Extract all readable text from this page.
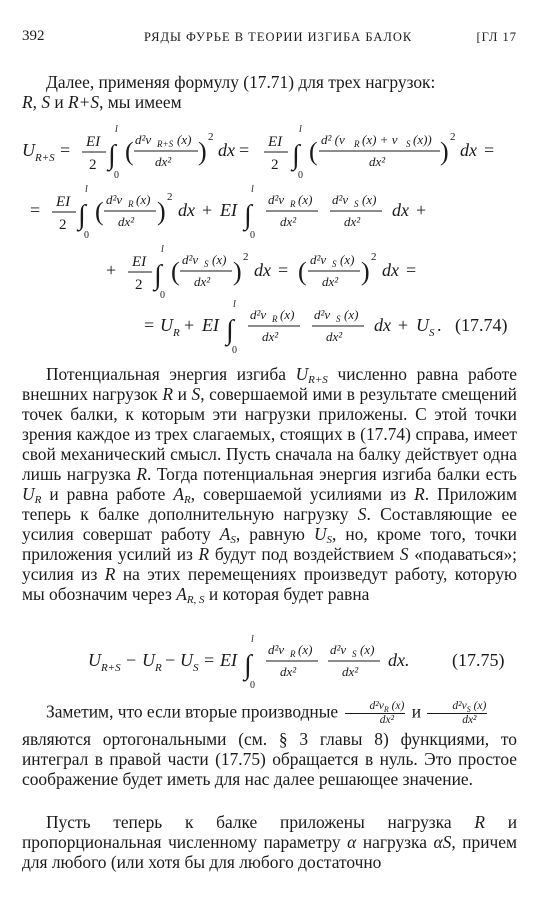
392	РЯДЫ ФУРЬЕ В ТЕОРИИ ИЗГИБА БАЛОК	[ГЛ 17
Далее, применяя формулу (17.71) для трех нагрузок:

R, S и R+S, мы имеем
U R+S = EI
2
l
∫
0
( d²v R+S (x)
dx² ) 2
dx = EI
2
l
∫
0
( d² (v R (x) + v S (x))
dx² ) 2
dx =
= EI
2
l
∫
0
( d²v R (x)
dx² ) 2
dx + EI
l
∫
0
d²v R (x)
dx²
d²v S (x)
dx²
dx +
+ EI
2
l
∫
0
( d²v S (x)
dx² ) 2
dx = ( d²v S (x)
dx² ) 2
dx =
= U R + EI
l
∫
0
d²v R (x)
dx²
d²v S (x)
dx²
dx + U S . (17.74)
Потенциальная энергия изгиба $U_{R+S}$ численно равна работе внешних нагрузок R и S, совершаемой ими в результате смещений точек балки, к которым эти нагрузки приложены. С этой точки зрения каждое из трех слагаемых, стоящих в (17.74) справа, имеет свой механический смысл. Пусть сначала на балку действует одна лишь нагрузка R. Тогда потенциальная энергия изгиба балки есть $U_R$ и равна работе $A_R$, совершаемой усилиями из R. Приложим теперь к балке дополнительную нагрузку S. Составляющие ее усилия совершат работу $A_S$, равную $U_S$, но, кроме того, точки приложения усилий из R будут под воздействием S «подаваться»; усилия из R на этих перемещениях произведут работу, которую мы обозначим через $A_{R, S}$ и которая будет равна
U R+S − U R − U S = EI
l
∫
0
d²v R (x)
dx²
d²v S (x)
dx²
dx. (17.75)
Заметим, что если вторые производные $\frac{d^2v_R (x)}{\text{dx²}}$ и $\frac{d^2v_S (x)}{\text{dx²}}$
являются ортогональными (см. § 3 главы 8) функциями, то интеграл в правой части (17.75) обращается в нуль. Это простое соображение будет иметь для нас далее решающее значение.
Пусть теперь к балке приложены нагрузка R и пропорциональная численному параметру α нагрузка αS, причем для любого (или хотя бы для любого достаточно
